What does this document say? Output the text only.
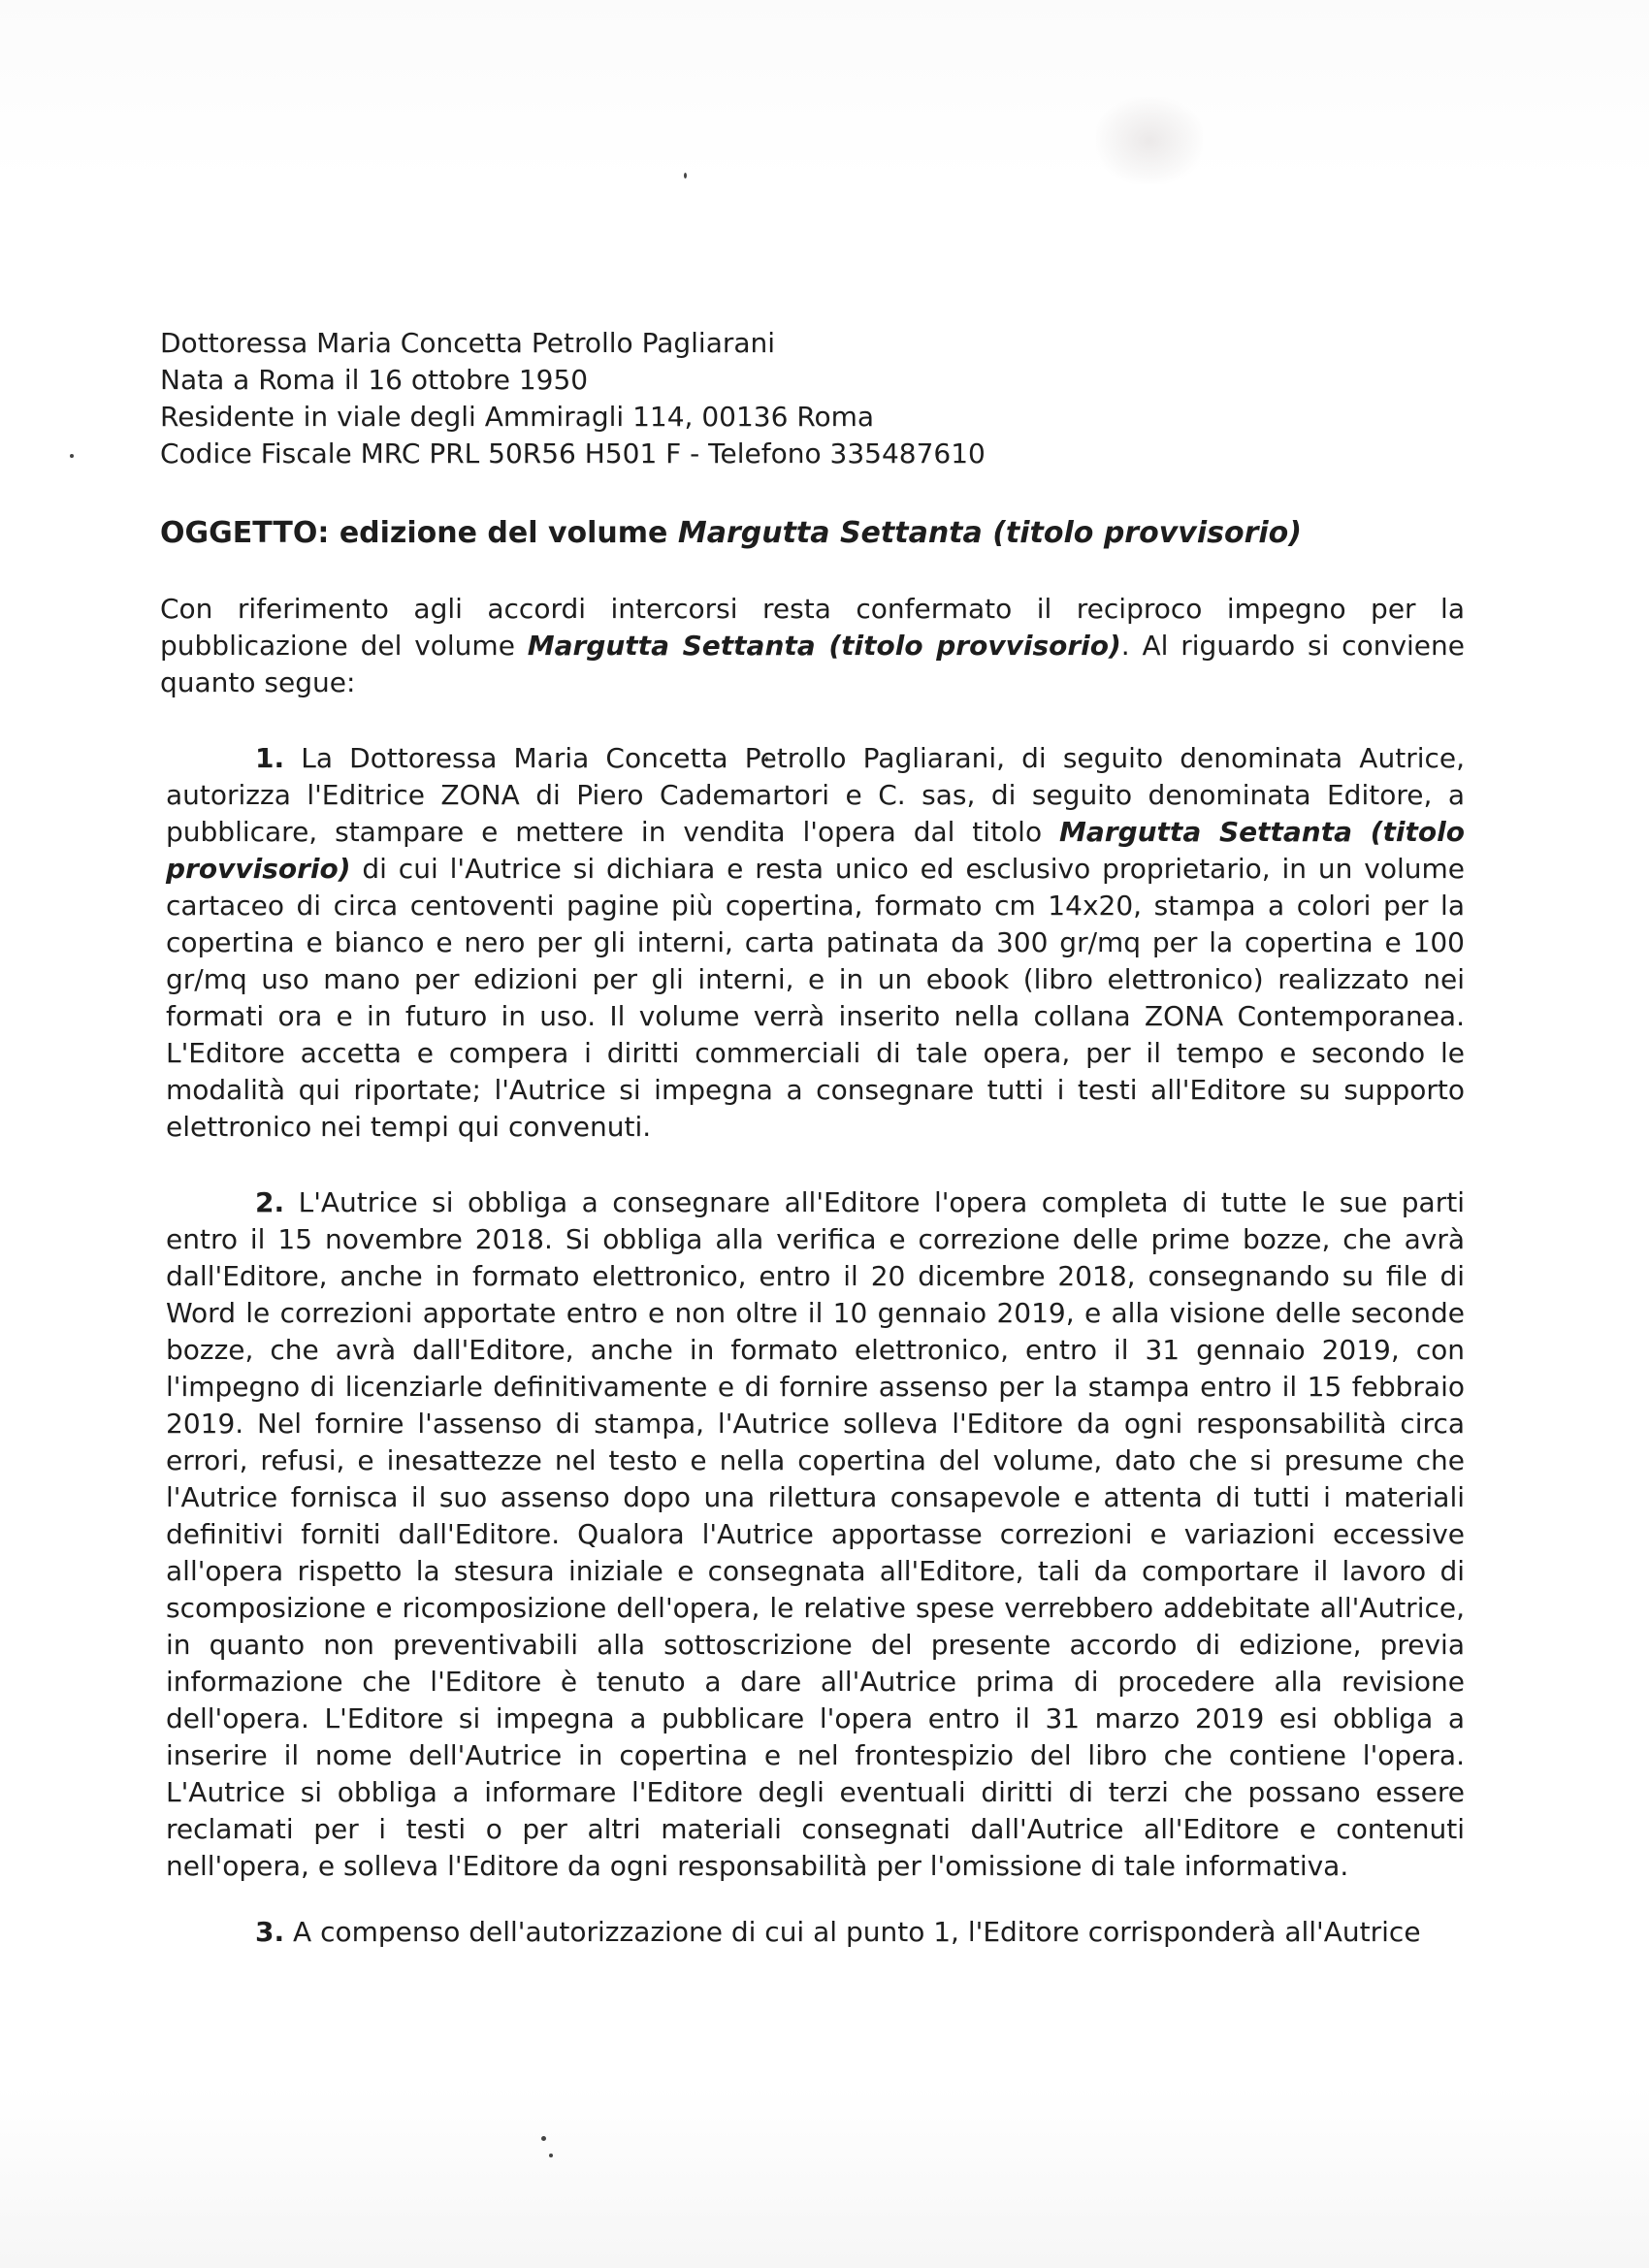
Dottoressa Maria Concetta Petrollo Pagliarani

Nata a Roma il 16 ottobre 1950

Residente in viale degli Ammiragli 114, 00136 Roma

Codice Fiscale MRC PRL 50R56 H501 F - Telefono 335487610

OGGETTO: edizione del volume Margutta Settanta (titolo provvisorio)

Con riferimento agli accordi intercorsi resta confermato il reciproco impegno per la pubblicazione del volume Margutta Settanta (titolo provvisorio). Al riguardo si conviene quanto segue:

1. La Dottoressa Maria Concetta Petrollo Pagliarani, di seguito denominata Autrice, autorizza l'Editrice ZONA di Piero Cademartori e C. sas, di seguito denominata Editore, a pubblicare, stampare e mettere in vendita l'opera dal titolo Margutta Settanta (titolo provvisorio) di cui l'Autrice si dichiara e resta unico ed esclusivo proprietario, in un volume cartaceo di circa centoventi pagine più copertina, formato cm 14x20, stampa a colori per la copertina e bianco e nero per gli interni, carta patinata da 300 gr/mq per la copertina e 100 gr/mq uso mano per edizioni per gli interni, e in un ebook (libro elettronico) realizzato nei formati ora e in futuro in uso. Il volume verrà inserito nella collana ZONA Contemporanea. L'Editore accetta e compera i diritti commerciali di tale opera, per il tempo e secondo le modalità qui riportate; l'Autrice si impegna a consegnare tutti i testi all'Editore su supporto elettronico nei tempi qui convenuti.

2. L'Autrice si obbliga a consegnare all'Editore l'opera completa di tutte le sue parti entro il 15 novembre 2018. Si obbliga alla verifica e correzione delle prime bozze, che avrà dall'Editore, anche in formato elettronico, entro il 20 dicembre 2018, consegnando su file di Word le correzioni apportate entro e non oltre il 10 gennaio 2019, e alla visione delle seconde bozze, che avrà dall'Editore, anche in formato elettronico, entro il 31 gennaio 2019, con l'impegno di licenziarle definitivamente e di fornire assenso per la stampa entro il 15 febbraio 2019. Nel fornire l'assenso di stampa, l'Autrice solleva l'Editore da ogni responsabilità circa errori, refusi, e inesattezze nel testo e nella copertina del volume, dato che si presume che l'Autrice fornisca il suo assenso dopo una rilettura consapevole e attenta di tutti i materiali definitivi forniti dall'Editore. Qualora l'Autrice apportasse correzioni e variazioni eccessive all'opera rispetto la stesura iniziale e consegnata all'Editore, tali da comportare il lavoro di scomposizione e ricomposizione dell'opera, le relative spese verrebbero addebitate all'Autrice, in quanto non preventivabili alla sottoscrizione del presente accordo di edizione, previa informazione che l'Editore è tenuto a dare all'Autrice prima di procedere alla revisione dell'opera. L'Editore si impegna a pubblicare l'opera entro il 31 marzo 2019 esi obbliga a inserire il nome dell'Autrice in copertina e nel frontespizio del libro che contiene l'opera. L'Autrice si obbliga a informare l'Editore degli eventuali diritti di terzi che possano essere reclamati per i testi o per altri materiali consegnati dall'Autrice all'Editore e contenuti nell'opera, e solleva l'Editore da ogni responsabilità per l'omissione di tale informativa.

3. A compenso dell'autorizzazione di cui al punto 1, l'Editore corrisponderà all'Autrice
